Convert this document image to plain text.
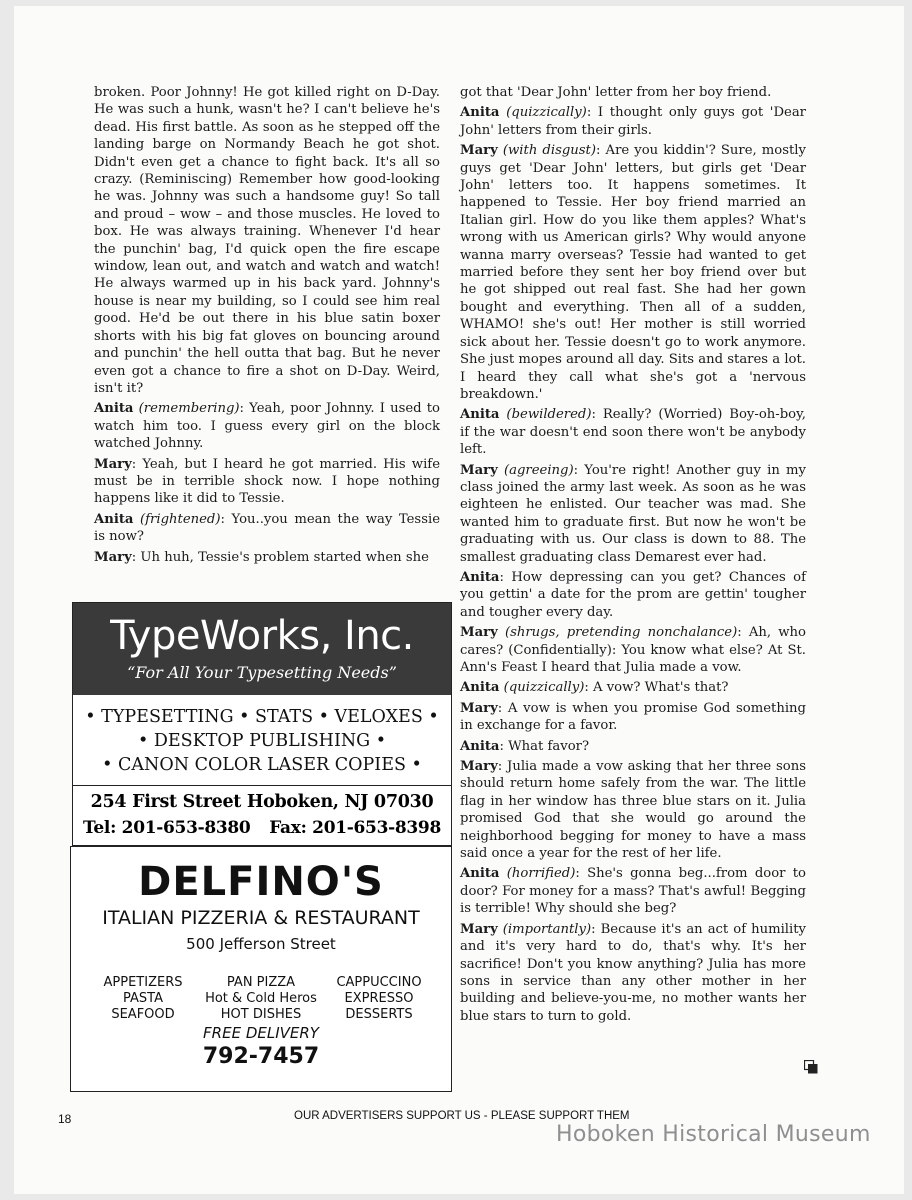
broken. Poor Johnny! He got killed right on D-Day. He was such a hunk, wasn't he? I can't believe he's dead. His first battle. As soon as he stepped off the landing barge on Normandy Beach he got shot. Didn't even get a chance to fight back. It's all so crazy. (Reminiscing) Remember how good-looking he was. Johnny was such a handsome guy! So tall and proud – wow – and those muscles. He loved to box. He was always training. Whenever I'd hear the punchin' bag, I'd quick open the fire escape window, lean out, and watch and watch and watch! He always warmed up in his back yard. Johnny's house is near my building, so I could see him real good. He'd be out there in his blue satin boxer shorts with his big fat gloves on bouncing around and punchin' the hell outta that bag. But he never even got a chance to fire a shot on D-Day. Weird, isn't it?

Anita (remembering): Yeah, poor Johnny. I used to watch him too. I guess every girl on the block watched Johnny.

Mary: Yeah, but I heard he got married. His wife must be in terrible shock now. I hope nothing happens like it did to Tessie.

Anita (frightened): You..you mean the way Tessie is now?

Mary: Uh huh, Tessie's problem started when she

got that 'Dear John' letter from her boy friend.

Anita (quizzically): I thought only guys got 'Dear John' letters from their girls.

Mary (with disgust): Are you kiddin'? Sure, mostly guys get 'Dear John' letters, but girls get 'Dear John' letters too. It happens sometimes. It happened to Tessie. Her boy friend married an Italian girl. How do you like them apples? What's wrong with us American girls? Why would anyone wanna marry overseas? Tessie had wanted to get married before they sent her boy friend over but he got shipped out real fast. She had her gown bought and everything. Then all of a sudden, WHAMO! she's out! Her mother is still worried sick about her. Tessie doesn't go to work anymore. She just mopes around all day. Sits and stares a lot. I heard they call what she's got a 'nervous breakdown.'

Anita (bewildered): Really? (Worried) Boy-oh-boy, if the war doesn't end soon there won't be anybody left.

Mary (agreeing): You're right! Another guy in my class joined the army last week. As soon as he was eighteen he enlisted. Our teacher was mad. She wanted him to graduate first. But now he won't be graduating with us. Our class is down to 88. The smallest graduating class Demarest ever had.

Anita: How depressing can you get? Chances of you gettin' a date for the prom are gettin' tougher and tougher every day.

Mary (shrugs, pretending nonchalance): Ah, who cares? (Confidentially): You know what else? At St. Ann's Feast I heard that Julia made a vow.

Anita (quizzically): A vow? What's that?

Mary: A vow is when you promise God something in exchange for a favor.

Anita: What favor?

Mary: Julia made a vow asking that her three sons should return home safely from the war. The little flag in her window has three blue stars on it. Julia promised God that she would go around the neighborhood begging for money to have a mass said once a year for the rest of her life.

Anita (horrified): She's gonna beg...from door to door? For money for a mass? That's awful! Begging is terrible! Why should she beg?

Mary (importantly): Because it's an act of humility and it's very hard to do, that's why. It's her sacrifice! Don't you know anything? Julia has more sons in service than any other mother in her building and believe-you-me, no mother wants her blue stars to turn to gold.

TypeWorks, Inc.
“For All Your Typesetting Needs”
• TYPESETTING • STATS • VELOXES •
• DESKTOP PUBLISHING •
• CANON COLOR LASER COPIES •
254 First Street Hoboken, NJ 07030
Tel: 201-653-8380 Fax: 201-653-8398
DELFINO'S
ITALIAN PIZZERIA & RESTAURANT
500 Jefferson Street
APPETIZERS	PAN PIZZA	CAPPUCCINO
PASTA	Hot & Cold Heros	EXPRESSO
SEAFOOD	HOT DISHES	DESSERTS
FREE DELIVERY
792-7457
OUR ADVERTISERS SUPPORT US - PLEASE SUPPORT THEM
18
Hoboken Historical Museum
